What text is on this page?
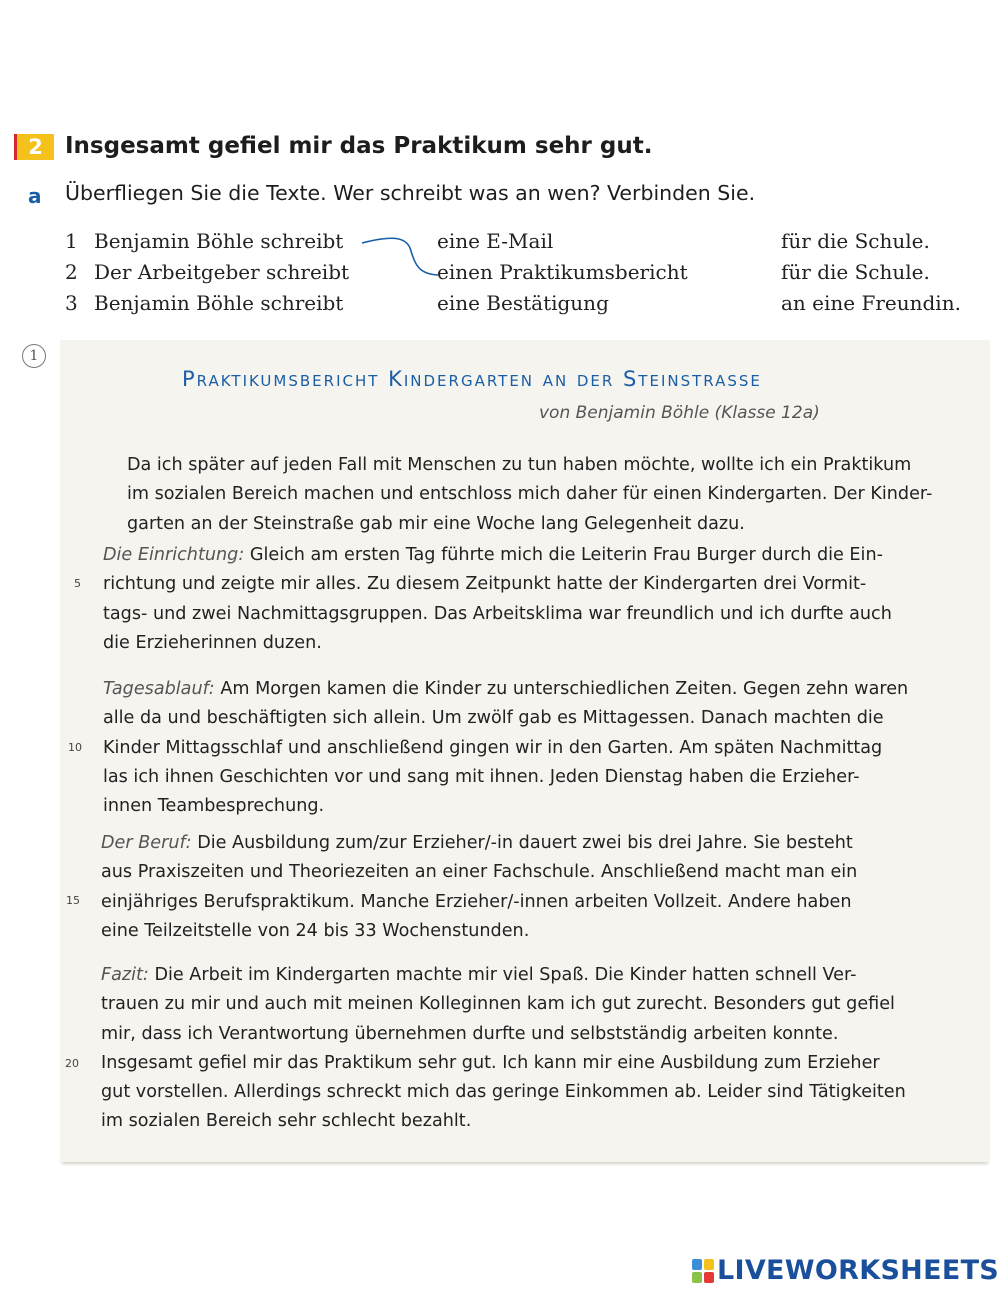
2 Insgesamt gefiel mir das Praktikum sehr gut.
a Überfliegen Sie die Texte. Wer schreibt was an wen? Verbinden Sie.
1 Benjamin Böhle schreibt	eine E-Mail	für die Schule.
2 Der Arbeitgeber schreibt	einen Praktikumsbericht	für die Schule.
3 Benjamin Böhle schreibt	eine Bestätigung	an eine Freundin.
1
Praktikumsbericht Kindergarten an der Steinstrasse
von Benjamin Böhle (Klasse 12a)
Da ich später auf jeden Fall mit Menschen zu tun haben möchte, wollte ich ein Praktikum
im sozialen Bereich machen und entschloss mich daher für einen Kindergarten. Der Kinder-
garten an der Steinstraße gab mir eine Woche lang Gelegenheit dazu.
Die Einrichtung: Gleich am ersten Tag führte mich die Leiterin Frau Burger durch die Ein-
richtung und zeigte mir alles. Zu diesem Zeitpunkt hatte der Kindergarten drei Vormit-
tags- und zwei Nachmittagsgruppen. Das Arbeitsklima war freundlich und ich durfte auch
die Erzieherinnen duzen.
Tagesablauf: Am Morgen kamen die Kinder zu unterschiedlichen Zeiten. Gegen zehn waren
alle da und beschäftigten sich allein. Um zwölf gab es Mittagessen. Danach machten die
Kinder Mittagsschlaf und anschließend gingen wir in den Garten. Am späten Nachmittag
las ich ihnen Geschichten vor und sang mit ihnen. Jeden Dienstag haben die Erzieher-
innen Teambesprechung.
Der Beruf: Die Ausbildung zum/zur Erzieher/-in dauert zwei bis drei Jahre. Sie besteht
aus Praxiszeiten und Theoriezeiten an einer Fachschule. Anschließend macht man ein
einjähriges Berufspraktikum. Manche Erzieher/-innen arbeiten Vollzeit. Andere haben
eine Teilzeitstelle von 24 bis 33 Wochenstunden.
Fazit: Die Arbeit im Kindergarten machte mir viel Spaß. Die Kinder hatten schnell Ver-
trauen zu mir und auch mit meinen Kolleginnen kam ich gut zurecht. Besonders gut gefiel
mir, dass ich Verantwortung übernehmen durfte und selbstständig arbeiten konnte.
Insgesamt gefiel mir das Praktikum sehr gut. Ich kann mir eine Ausbildung zum Erzieher
gut vorstellen. Allerdings schreckt mich das geringe Einkommen ab. Leider sind Tätigkeiten
im sozialen Bereich sehr schlecht bezahlt.
5
10
15
20
LIVEWORKSHEETS
